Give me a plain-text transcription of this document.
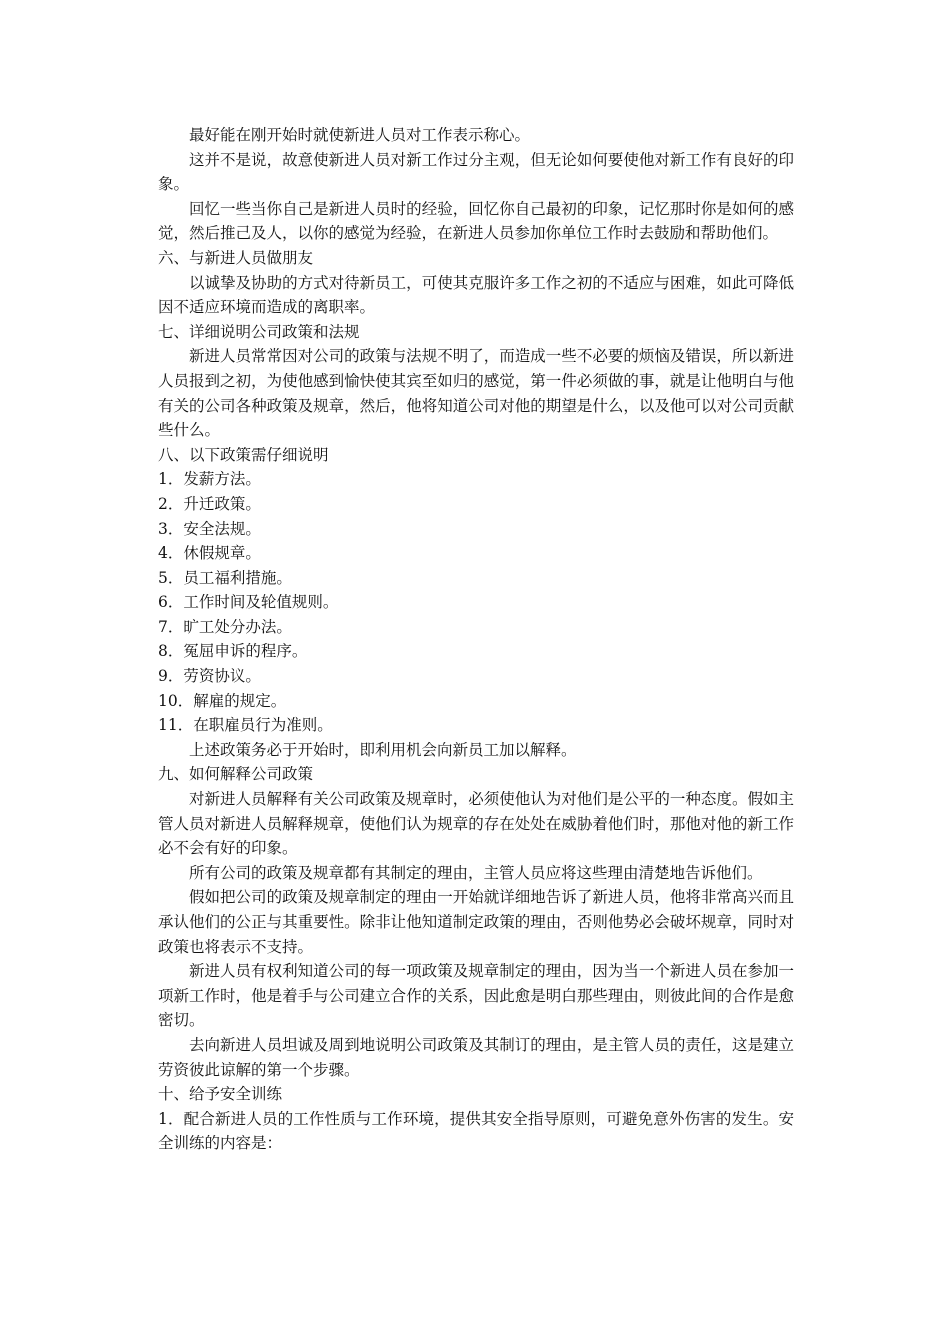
最好能在刚开始时就使新进人员对工作表示称心。

这并不是说，故意使新进人员对新工作过分主观，但无论如何要使他对新工作有良好的印象。

回忆一些当你自己是新进人员时的经验，回忆你自己最初的印象，记忆那时你是如何的感觉，然后推己及人，以你的感觉为经验，在新进人员参加你单位工作时去鼓励和帮助他们。

六、与新进人员做朋友

以诚挚及协助的方式对待新员工，可使其克服许多工作之初的不适应与困难，如此可降低因不适应环境而造成的离职率。

七、详细说明公司政策和法规

新进人员常常因对公司的政策与法规不明了，而造成一些不必要的烦恼及错误，所以新进人员报到之初，为使他感到愉快使其宾至如归的感觉，第一件必须做的事，就是让他明白与他有关的公司各种政策及规章，然后，他将知道公司对他的期望是什么，以及他可以对公司贡献些什么。

八、以下政策需仔细说明

1．发薪方法。

2．升迁政策。

3．安全法规。

4．休假规章。

5．员工福利措施。

6．工作时间及轮值规则。

7．旷工处分办法。

8．冤屈申诉的程序。

9．劳资协议。

10．解雇的规定。

11．在职雇员行为准则。

上述政策务必于开始时，即利用机会向新员工加以解释。

九、如何解释公司政策

对新进人员解释有关公司政策及规章时，必须使他认为对他们是公平的一种态度。假如主管人员对新进人员解释规章，使他们认为规章的存在处处在威胁着他们时，那他对他的新工作必不会有好的印象。

所有公司的政策及规章都有其制定的理由，主管人员应将这些理由清楚地告诉他们。

假如把公司的政策及规章制定的理由一开始就详细地告诉了新进人员，他将非常高兴而且承认他们的公正与其重要性。除非让他知道制定政策的理由，否则他势必会破坏规章，同时对政策也将表示不支持。

新进人员有权利知道公司的每一项政策及规章制定的理由，因为当一个新进人员在参加一项新工作时，他是着手与公司建立合作的关系，因此愈是明白那些理由，则彼此间的合作是愈密切。

去向新进人员坦诚及周到地说明公司政策及其制订的理由，是主管人员的责任，这是建立劳资彼此谅解的第一个步骤。

十、给予安全训练

1．配合新进人员的工作性质与工作环境，提供其安全指导原则，可避免意外伤害的发生。安全训练的内容是：
